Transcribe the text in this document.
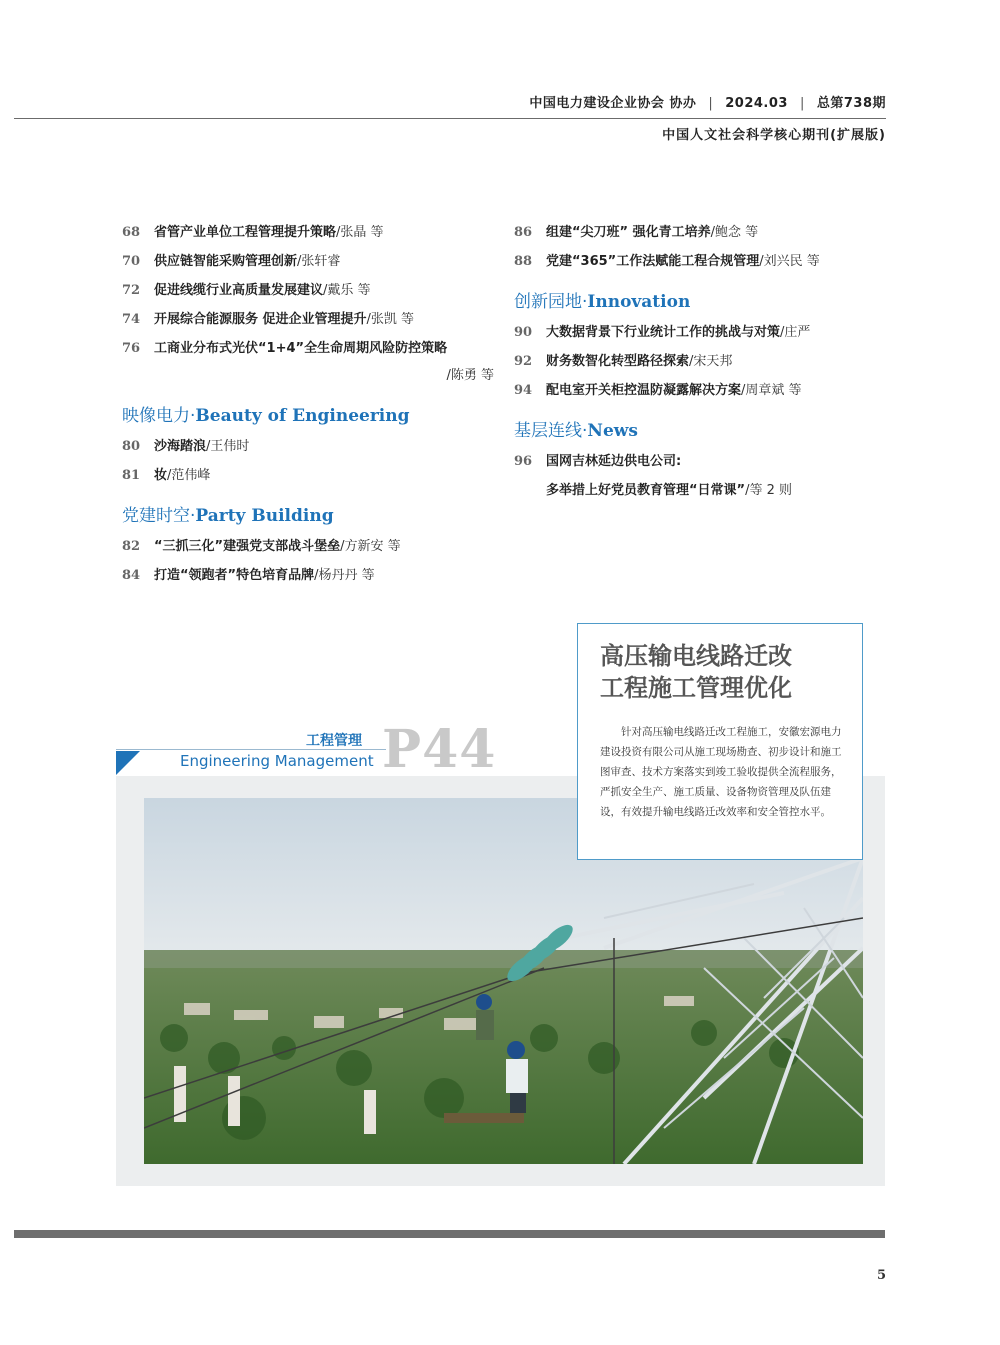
中国电力建设企业协会 协办 | 2024.03 | 总第738期
中国人文社会科学核心期刊(扩展版)
68	省管产业单位工程管理提升策略/张晶 等
70	供应链智能采购管理创新/张轩睿
72	促进线缆行业高质量发展建议/戴乐 等
74	开展综合能源服务 促进企业管理提升/张凯 等
76	工商业分布式光伏“1+4”全生命周期风险防控策略
/陈勇 等
映像电力·Beauty of Engineering
80	沙海踏浪/王伟时
81	妆/范伟峰
党建时空·Party Building
82	“三抓三化”建强党支部战斗堡垒/方新安 等
84	打造“领跑者”特色培育品牌/杨丹丹 等
86	组建“尖刀班” 强化青工培养/鲍念 等
88	党建“365”工作法赋能工程合规管理/刘兴民 等
创新园地·Innovation
90	大数据背景下行业统计工作的挑战与对策/庄严
92	财务数智化转型路径探索/宋天邦
94	配电室开关柜控温防凝露解决方案/周章斌 等
基层连线·News
96	国网吉林延边供电公司:
多举措上好党员教育管理“日常课”/等 2 则
工程管理
Engineering Management P44
高压输电线路迁改
工程施工管理优化
针对高压输电线路迁改工程施工，安徽宏源电力建设投资有限公司从施工现场勘查、初步设计和施工图审查、技术方案落实到竣工验收提供全流程服务，严抓安全生产、施工质量、设备物资管理及队伍建设，有效提升输电线路迁改效率和安全管控水平。
5
